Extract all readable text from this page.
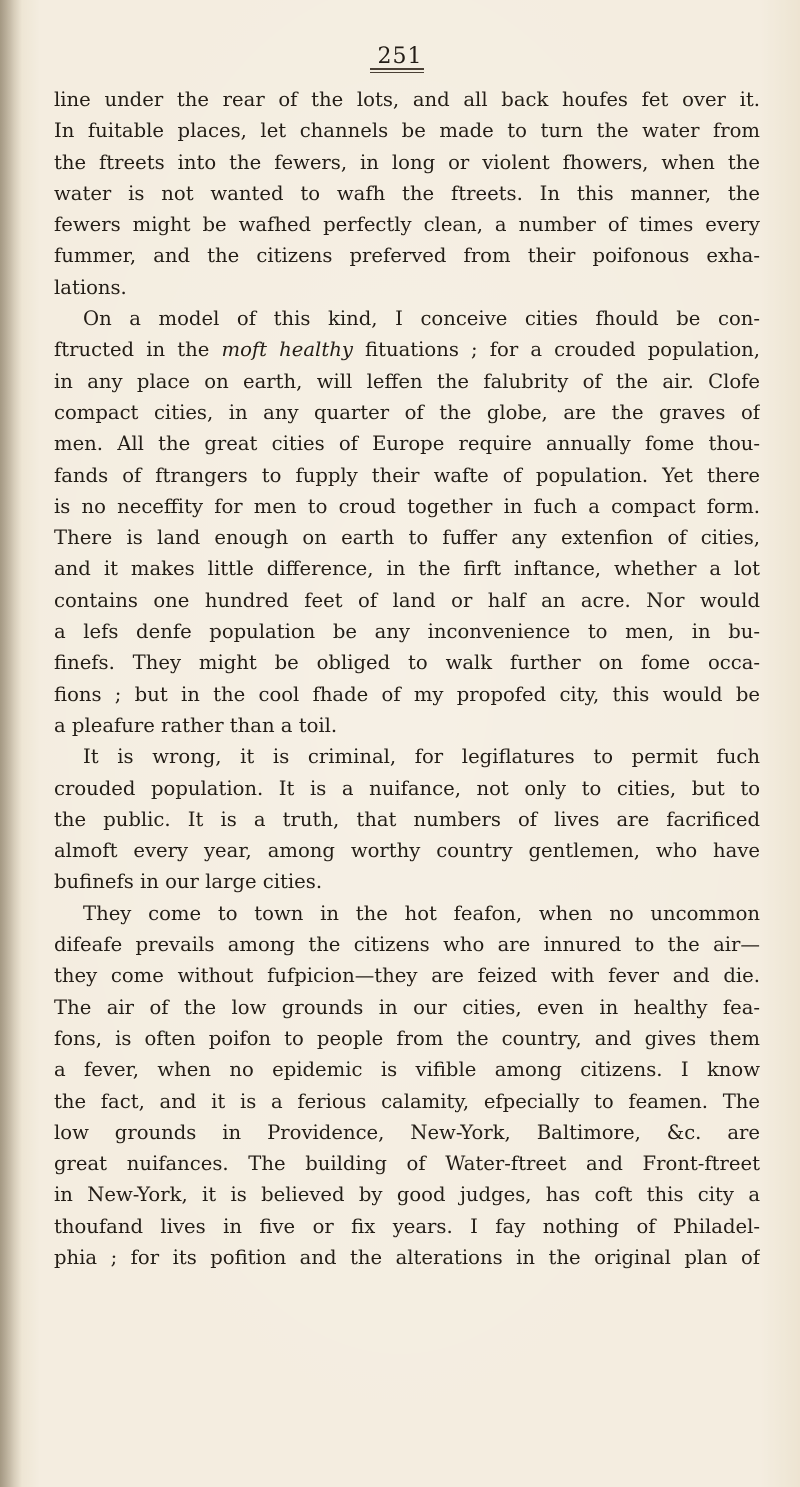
251
line under the rear of the lots, and all back houfes fet over it.
In fuitable places, let channels be made to turn the water from
the ftreets into the fewers, in long or violent fhowers, when the
water is not wanted to wafh the ftreets. In this manner, the
fewers might be wafhed perfectly clean, a number of times every
fummer, and the citizens preferved from their poifonous exha-
lations.
On a model of this kind, I conceive cities fhould be con-
ftructed in the moft healthy fituations ; for a crouded population,
in any place on earth, will leffen the falubrity of the air. Clofe
compact cities, in any quarter of the globe, are the graves of
men. All the great cities of Europe require annually fome thou-
fands of ftrangers to fupply their wafte of population. Yet there
is no neceffity for men to croud together in fuch a compact form.
There is land enough on earth to fuffer any extenfion of cities,
and it makes little difference, in the firft inftance, whether a lot
contains one hundred feet of land or half an acre. Nor would
a lefs denfe population be any inconvenience to men, in bu-
finefs. They might be obliged to walk further on fome occa-
fions ; but in the cool fhade of my propofed city, this would be
a pleafure rather than a toil.
It is wrong, it is criminal, for legiflatures to permit fuch
crouded population. It is a nuifance, not only to cities, but to
the public. It is a truth, that numbers of lives are facrificed
almoft every year, among worthy country gentlemen, who have
bufinefs in our large cities.
They come to town in the hot feafon, when no uncommon
difeafe prevails among the citizens who are innured to the air—
they come without fufpicion—they are feized with fever and die.
The air of the low grounds in our cities, even in healthy fea-
fons, is often poifon to people from the country, and gives them
a fever, when no epidemic is vifible among citizens. I know
the fact, and it is a ferious calamity, efpecially to feamen. The
low grounds in Providence, New-York, Baltimore, &c. are
great nuifances. The building of Water-ftreet and Front-ftreet
in New-York, it is believed by good judges, has coft this city a
thoufand lives in five or fix years. I fay nothing of Philadel-
phia ; for its pofition and the alterations in the original plan of
